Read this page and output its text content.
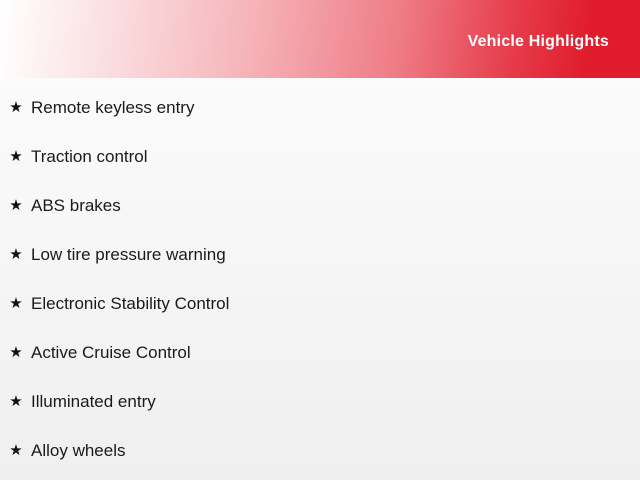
Vehicle Highlights
★ Remote keyless entry
★ Traction control
★ ABS brakes
★ Low tire pressure warning
★ Electronic Stability Control
★ Active Cruise Control
★ Illuminated entry
★ Alloy wheels
